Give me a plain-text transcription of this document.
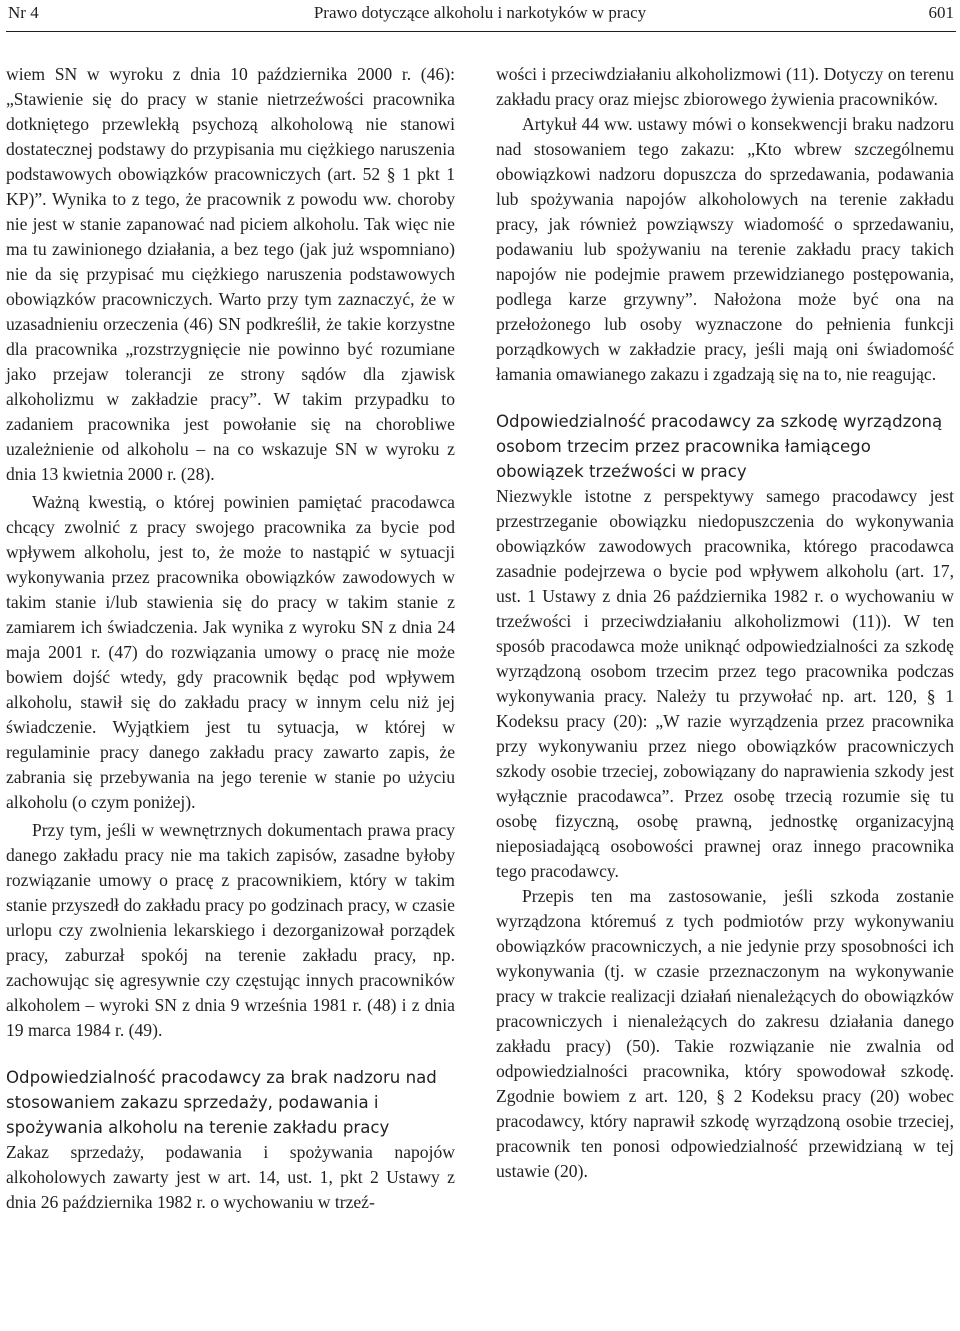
Nr 4	Prawo dotyczące alkoholu i narkotyków w pracy	601

wiem SN w wyroku z dnia 10 października 2000 r. (46): „Stawienie się do pracy w stanie nietrzeźwości pracownika dotkniętego przewlekłą psychozą alkoholową nie stanowi dostatecznej podstawy do przypisania mu ciężkiego naruszenia podstawowych obowiązków pracowniczych (art. 52 § 1 pkt 1 KP)”. Wynika to z tego, że pracownik z powodu ww. choroby nie jest w stanie zapanować nad piciem alkoholu. Tak więc nie ma tu zawinionego działania, a bez tego (jak już wspomniano) nie da się przypisać mu ciężkiego naruszenia podstawowych obowiązków pracowniczych. Warto przy tym zaznaczyć, że w uzasadnieniu orzeczenia (46) SN podkreślił, że takie korzystne dla pracownika „rozstrzygnięcie nie powinno być rozumiane jako przejaw tolerancji ze strony sądów dla zjawisk alkoholizmu w zakładzie pracy”. W takim przypadku to zadaniem pracownika jest powołanie się na chorobliwe uzależnienie od alkoholu – na co wskazuje SN w wyroku z dnia 13 kwietnia 2000 r. (28).

Ważną kwestią, o której powinien pamiętać pracodawca chcący zwolnić z pracy swojego pracownika za bycie pod wpływem alkoholu, jest to, że może to nastąpić w sytuacji wykonywania przez pracownika obowiązków zawodowych w takim stanie i/lub stawienia się do pracy w takim stanie z zamiarem ich świadczenia. Jak wynika z wyroku SN z dnia 24 maja 2001 r. (47) do rozwiązania umowy o pracę nie może bowiem dojść wtedy, gdy pracownik będąc pod wpływem alkoholu, stawił się do zakładu pracy w innym celu niż jej świadczenie. Wyjątkiem jest tu sytuacja, w której w regulaminie pracy danego zakładu pracy zawarto zapis, że zabrania się przebywania na jego terenie w stanie po użyciu alkoholu (o czym poniżej).

Przy tym, jeśli w wewnętrznych dokumentach prawa pracy danego zakładu pracy nie ma takich zapisów, zasadne byłoby rozwiązanie umowy o pracę z pracownikiem, który w takim stanie przyszedł do zakładu pracy po godzinach pracy, w czasie urlopu czy zwolnienia lekarskiego i dezorganizował porządek pracy, zaburzał spokój na terenie zakładu pracy, np. zachowując się agresywnie czy częstując innych pracowników alkoholem – wyroki SN z dnia 9 września 1981 r. (48) i z dnia 19 marca 1984 r. (49).

Odpowiedzialność pracodawcy za brak nadzoru nad stosowaniem zakazu sprzedaży, podawania i spożywania alkoholu na terenie zakładu pracy

Zakaz sprzedaży, podawania i spożywania napojów alkoholowych zawarty jest w art. 14, ust. 1, pkt 2 Ustawy z dnia 26 października 1982 r. o wychowaniu w trzeź-

wości i przeciwdziałaniu alkoholizmowi (11). Dotyczy on terenu zakładu pracy oraz miejsc zbiorowego żywienia pracowników.

Artykuł 44 ww. ustawy mówi o konsekwencji braku nadzoru nad stosowaniem tego zakazu: „Kto wbrew szczególnemu obowiązkowi nadzoru dopuszcza do sprzedawania, podawania lub spożywania napojów alkoholowych na terenie zakładu pracy, jak również powziąwszy wiadomość o sprzedawaniu, podawaniu lub spożywaniu na terenie zakładu pracy takich napojów nie podejmie prawem przewidzianego postępowania, podlega karze grzywny”. Nałożona może być ona na przełożonego lub osoby wyznaczone do pełnienia funkcji porządkowych w zakładzie pracy, jeśli mają oni świadomość łamania omawianego zakazu i zgadzają się na to, nie reagując.

Odpowiedzialność pracodawcy za szkodę wyrządzoną osobom trzecim przez pracownika łamiącego obowiązek trzeźwości w pracy

Niezwykle istotne z perspektywy samego pracodawcy jest przestrzeganie obowiązku niedopuszczenia do wykonywania obowiązków zawodowych pracownika, którego pracodawca zasadnie podejrzewa o bycie pod wpływem alkoholu (art. 17, ust. 1 Ustawy z dnia 26 października 1982 r. o wychowaniu w trzeźwości i przeciwdziałaniu alkoholizmowi (11)). W ten sposób pracodawca może uniknąć odpowiedzialności za szkodę wyrządzoną osobom trzecim przez tego pracownika podczas wykonywania pracy. Należy tu przywołać np. art. 120, § 1 Kodeksu pracy (20): „W razie wyrządzenia przez pracownika przy wykonywaniu przez niego obowiązków pracowniczych szkody osobie trzeciej, zobowiązany do naprawienia szkody jest wyłącznie pracodawca”. Przez osobę trzecią rozumie się tu osobę fizyczną, osobę prawną, jednostkę organizacyjną nieposiadającą osobowości prawnej oraz innego pracownika tego pracodawcy.

Przepis ten ma zastosowanie, jeśli szkoda zostanie wyrządzona któremuś z tych podmiotów przy wykonywaniu obowiązków pracowniczych, a nie jedynie przy sposobności ich wykonywania (tj. w czasie przeznaczonym na wykonywanie pracy w trakcie realizacji działań nienależących do obowiązków pracowniczych i nienależących do zakresu działania danego zakładu pracy) (50). Takie rozwiązanie nie zwalnia od odpowiedzialności pracownika, który spowodował szkodę. Zgodnie bowiem z art. 120, § 2 Kodeksu pracy (20) wobec pracodawcy, który naprawił szkodę wyrządzoną osobie trzeciej, pracownik ten ponosi odpowiedzialność przewidzianą w tej ustawie (20).
